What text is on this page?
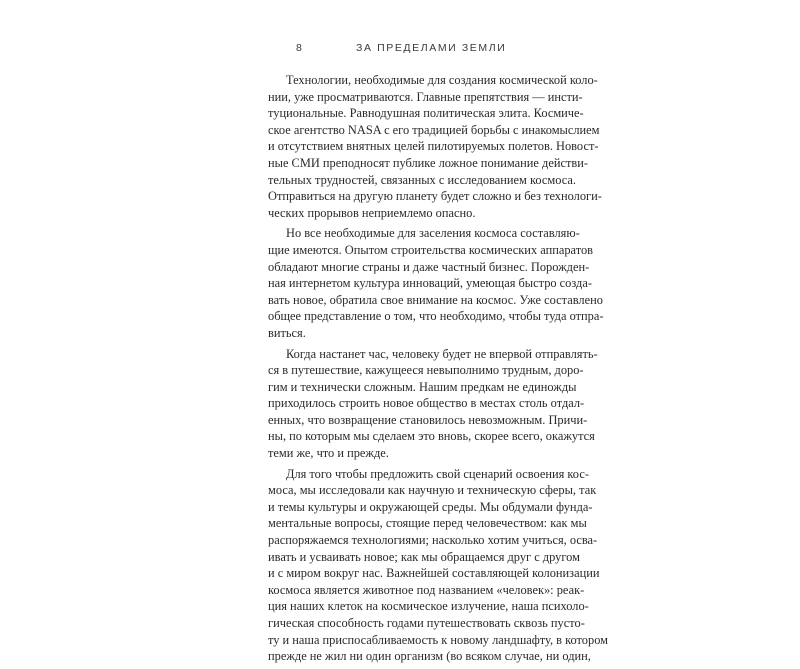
8	ЗА ПРЕДЕЛАМИ ЗЕМЛИ
Технологии, необходимые для создания космической коло-
нии, уже просматриваются. Главные препятствия — инсти-
туциональные. Равнодушная политическая элита. Космиче-
ское агентство NASA с его традицией борьбы с инакомыслием
и отсутствием внятных целей пилотируемых полетов. Новост-
ные СМИ преподносят публике ложное понимание действи-
тельных трудностей, связанных с исследованием космоса.
Отправиться на другую планету будет сложно и без технологи-
ческих прорывов неприемлемо опасно.
Но все необходимые для заселения космоса составляю-
щие имеются. Опытом строительства космических аппаратов
обладают многие страны и даже частный бизнес. Порожден-
ная интернетом культура инноваций, умеющая быстро созда-
вать новое, обратила свое внимание на космос. Уже составлено
общее представление о том, что необходимо, чтобы туда отпра-
виться.
Когда настанет час, человеку будет не впервой отправлять-
ся в путешествие, кажущееся невыполнимо трудным, доро-
гим и технически сложным. Нашим предкам не единожды
приходилось строить новое общество в местах столь отдал-
енных, что возвращение становилось невозможным. Причи-
ны, по которым мы сделаем это вновь, скорее всего, окажутся
теми же, что и прежде.
Для того чтобы предложить свой сценарий освоения кос-
моса, мы исследовали как научную и техническую сферы, так
и темы культуры и окружающей среды. Мы обдумали фунда-
ментальные вопросы, стоящие перед человечеством: как мы
распоряжаемся технологиями; насколько хотим учиться, осва-
ивать и усваивать новое; как мы обращаемся друг с другом
и с миром вокруг нас. Важнейшей составляющей колонизации
космоса является животное под названием «человек»: реак-
ция наших клеток на космическое излучение, наша психоло-
гическая способность годами путешествовать сквозь пусто-
ту и наша приспосабливаемость к новому ландшафту, в котором
прежде не жил ни один организм (во всяком случае, ни один,
